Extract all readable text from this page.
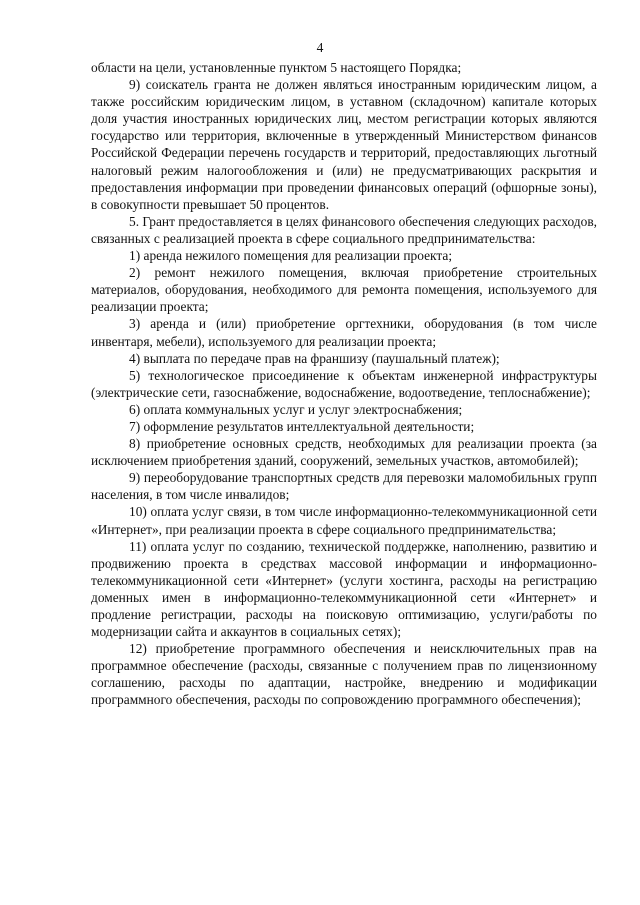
4

области на цели, установленные пунктом 5 настоящего Порядка;

9) соискатель гранта не должен являться иностранным юридическим лицом, а также российским юридическим лицом, в уставном (складочном) капитале которых доля участия иностранных юридических лиц, местом регистрации которых являются государство или территория, включенные в утвержденный Министерством финансов Российской Федерации перечень государств и территорий, предоставляющих льготный налоговый режим налогообложения и (или) не предусматривающих раскрытия и предоставления информации при проведении финансовых операций (офшорные зоны), в совокупности превышает 50 процентов.

5. Грант предоставляется в целях финансового обеспечения следующих расходов, связанных с реализацией проекта в сфере социального предпринимательства:

1) аренда нежилого помещения для реализации проекта;

2) ремонт нежилого помещения, включая приобретение строительных материалов, оборудования, необходимого для ремонта помещения, используемого для реализации проекта;

3) аренда и (или) приобретение оргтехники, оборудования (в том числе инвентаря, мебели), используемого для реализации проекта;

4) выплата по передаче прав на франшизу (паушальный платеж);

5) технологическое присоединение к объектам инженерной инфраструктуры (электрические сети, газоснабжение, водоснабжение, водоотведение, теплоснабжение);

6) оплата коммунальных услуг и услуг электроснабжения;

7) оформление результатов интеллектуальной деятельности;

8) приобретение основных средств, необходимых для реализации проекта (за исключением приобретения зданий, сооружений, земельных участков, автомобилей);

9) переоборудование транспортных средств для перевозки маломобильных групп населения, в том числе инвалидов;

10) оплата услуг связи, в том числе информационно-телекоммуникационной сети «Интернет», при реализации проекта в сфере социального предпринимательства;

11) оплата услуг по созданию, технической поддержке, наполнению, развитию и продвижению проекта в средствах массовой информации и информационно-телекоммуникационной сети «Интернет» (услуги хостинга, расходы на регистрацию доменных имен в информационно-телекоммуникационной сети «Интернет» и продление регистрации, расходы на поисковую оптимизацию, услуги/работы по модернизации сайта и аккаунтов в социальных сетях);

12) приобретение программного обеспечения и неисключительных прав на программное обеспечение (расходы, связанные с получением прав по лицензионному соглашению, расходы по адаптации, настройке, внедрению и модификации программного обеспечения, расходы по сопровождению программного обеспечения);
